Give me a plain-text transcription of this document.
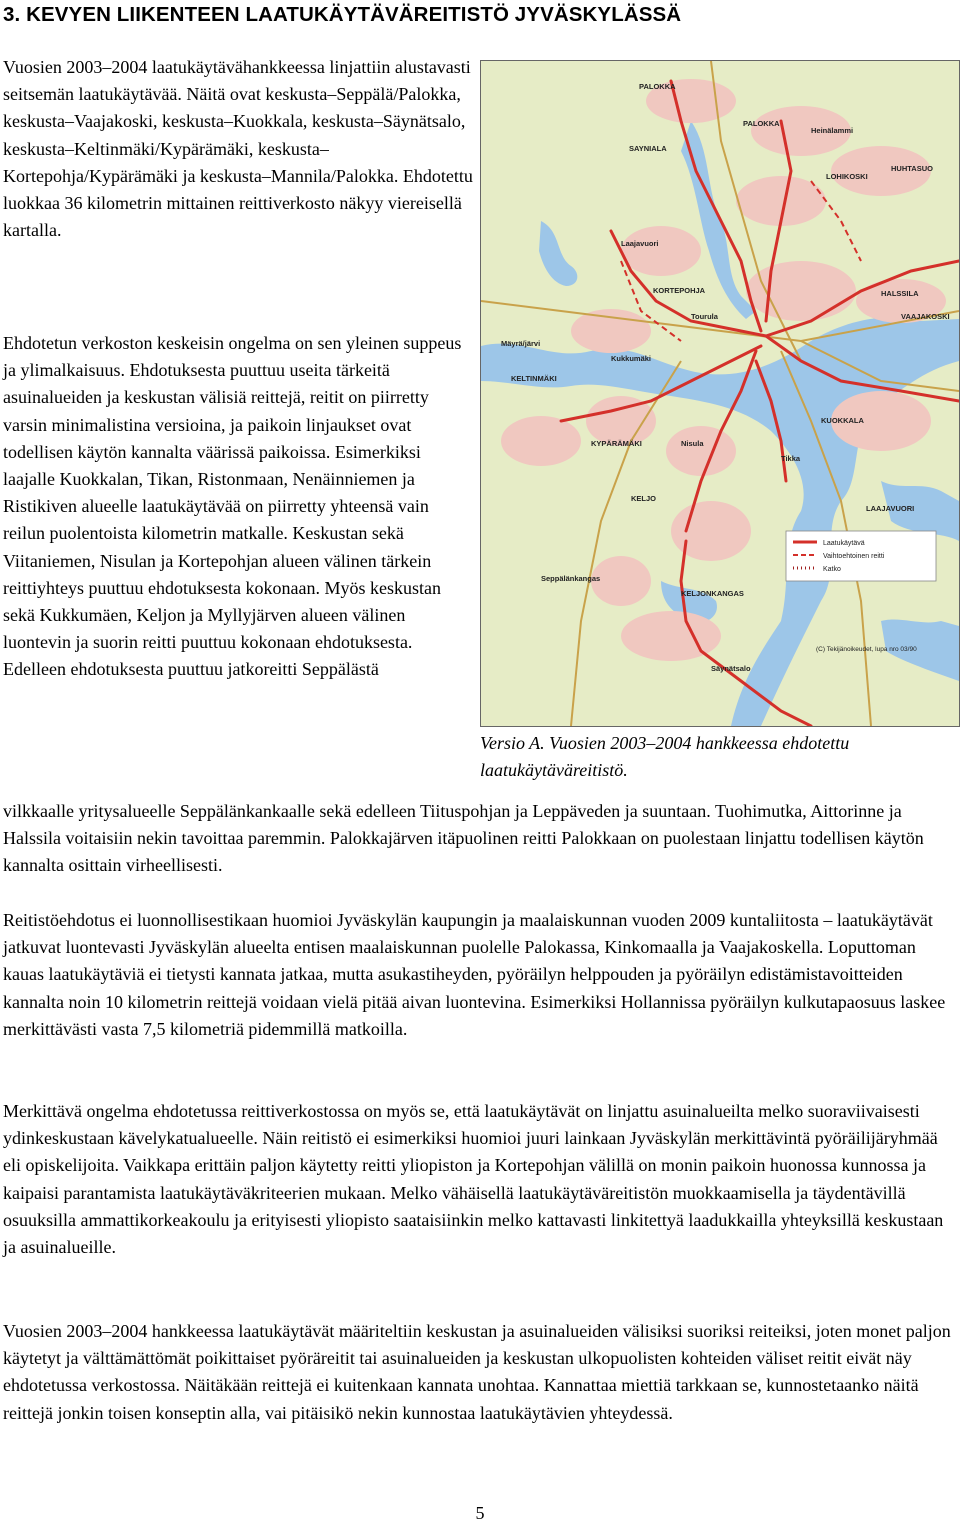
3. KEVYEN LIIKENTEEN LAATUKÄYTÄVÄREITISTÖ JYVÄSKYLÄSSÄ

Vuosien 2003–2004 laatukäytävähankkeessa linjattiin alustavasti seitsemän laatukäytävää. Näitä ovat keskusta–Seppälä/Palokka, keskusta–Vaajakoski, keskusta–Kuokkala, keskusta–Säynätsalo, keskusta–Keltinmäki/Kypärämäki, keskusta–Kortepohja/Kypärämäki ja keskusta–Mannila/Palokka. Ehdotettu luokkaa 36 kilometrin mittainen reittiverkosto näkyy viereisellä kartalla.

Ehdotetun verkoston keskeisin ongelma on sen yleinen suppeus ja ylimalkaisuus. Ehdotuksesta puuttuu useita tärkeitä asuinalueiden ja keskustan välisiä reittejä, reitit on piirretty varsin minimalistina versioina, ja paikoin linjaukset ovat todellisen käytön kannalta väärissä paikoissa. Esimerkiksi laajalle Kuokkalan, Tikan, Ristonmaan, Nenäinniemen ja Ristikiven alueelle laatukäytävää on piirretty yhteensä vain reilun puolentoista kilometrin matkalle. Keskustan sekä Viitaniemen, Nisulan ja Kortepohjan alueen välinen tärkein reittiyhteys puuttuu ehdotuksesta kokonaan. Myös keskustan sekä Kukkumäen, Keljon ja Myllyjärven alueen välinen luontevin ja suorin reitti puuttuu kokonaan ehdotuksesta. Edelleen ehdotuksesta puuttuu jatkoreitti Seppälästä

PALOKKA
PALOKKA
Heinälammi
SAYNIALA
LOHIKOSKI
HUHTASUO
Laajavuori
KORTEPOHJA	HALSSILA
VAAJAKOSKI
Tourula
Mäyrä/järvi
KELTINMÄKI
Kukkumäki
KYPÄRÄMÄKI	Nisula
KUOKKALA
Tikka
KELJO
KELJONKANGAS
LAAJAVUORI
Seppälänkangas
Säynätsalo
Laatukäytävä
Vaihtoehtoinen reitti
Katko
(C) Tekijänoikeudet, lupa nro 03/90

Versio A. Vuosien 2003–2004 hankkeessa ehdotettu laatukäytäväreitistö.

vilkkaalle yritysalueelle Seppälänkankaalle sekä edelleen Tiituspohjan ja Leppäveden ja suuntaan. Tuohimutka, Aittorinne ja Halssila voitaisiin nekin tavoittaa paremmin. Palokkajärven itäpuolinen reitti Palokkaan on puolestaan linjattu todellisen käytön kannalta osittain virheellisesti.

Reitistöehdotus ei luonnollisestikaan huomioi Jyväskylän kaupungin ja maalaiskunnan vuoden 2009 kuntaliitosta – laatukäytävät jatkuvat luontevasti Jyväskylän alueelta entisen maalaiskunnan puolelle Palokassa, Kinkomaalla ja Vaajakoskella. Loputtoman kauas laatukäytäviä ei tietysti kannata jatkaa, mutta asukastiheyden, pyöräilyn helppouden ja pyöräilyn edistämistavoitteiden kannalta noin 10 kilometrin reittejä voidaan vielä pitää aivan luontevina. Esimerkiksi Hollannissa pyöräilyn kulkutapaosuus laskee merkittävästi vasta 7,5 kilometriä pidemmillä matkoilla.

Merkittävä ongelma ehdotetussa reittiverkostossa on myös se, että laatukäytävät on linjattu asuinalueilta melko suoraviivaisesti ydinkeskustaan kävelykatualueelle. Näin reitistö ei esimerkiksi huomioi juuri lainkaan Jyväskylän merkittävintä pyöräilijäryhmää eli opiskelijoita. Vaikkapa erittäin paljon käytetty reitti yliopiston ja Kortepohjan välillä on monin paikoin huonossa kunnossa ja kaipaisi parantamista laatukäytäväkriteerien mukaan. Melko vähäisellä laatukäytäväreitistön muokkaamisella ja täydentävillä osuuksilla ammattikorkeakoulu ja erityisesti yliopisto saataisiinkin melko kattavasti linkitettyä laadukkailla yhteyksillä keskustaan ja asuinalueille.

Vuosien 2003–2004 hankkeessa laatukäytävät määriteltiin keskustan ja asuinalueiden välisiksi suoriksi reiteiksi, joten monet paljon käytetyt ja välttämättömät poikittaiset pyöräreitit tai asuinalueiden ja keskustan ulkopuolisten kohteiden väliset reitit eivät näy ehdotetussa verkostossa. Näitäkään reittejä ei kuitenkaan kannata unohtaa. Kannattaa miettiä tarkkaan se, kunnostetaanko näitä reittejä jonkin toisen konseptin alla, vai pitäisikö nekin kunnostaa laatukäytävien yhteydessä.

5
